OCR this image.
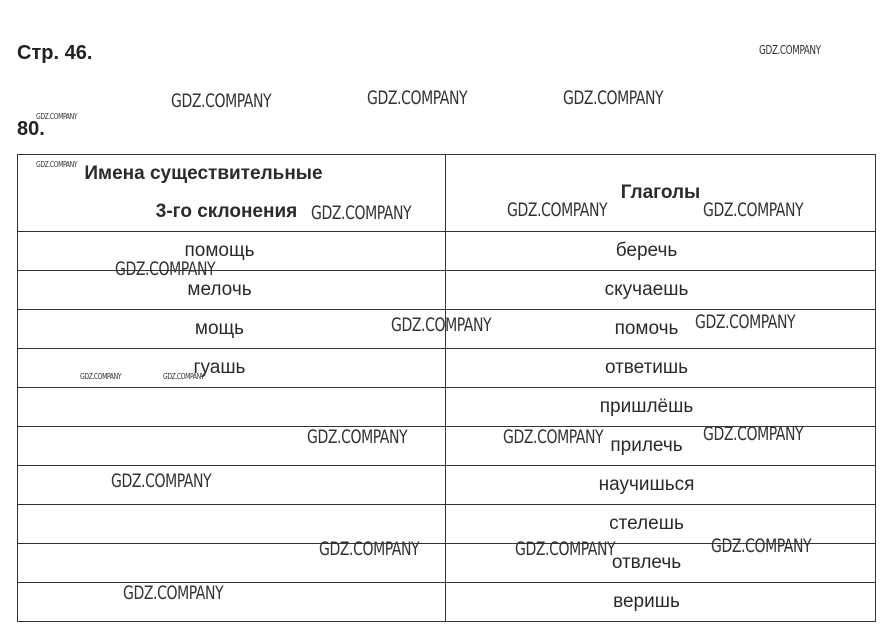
Стр. 46.
80.
Имена существительные
3-го склонения	Глаголы

помощь	беречь
мелочь	скучаешь
мощь	помочь
гуашь	ответишь
	пришлёшь
	прилечь
	научишься
	стелешь
	отвлечь
	веришь
GDZ.COMPANY
GDZ.COMPANY	GDZ.COMPANY	GDZ.COMPANY
GDZ.COMPANY
GDZ.COMPANY
GDZ.COMPANY	GDZ.COMPANY	GDZ.COMPANY
GDZ.COMPANY
GDZ.COMPANY	GDZ.COMPANY
GDZ.COMPANY	GDZ.COMPANY
GDZ.COMPANY	GDZ.COMPANY	GDZ.COMPANY
GDZ.COMPANY
GDZ.COMPANY	GDZ.COMPANY	GDZ.COMPANY
GDZ.COMPANY
